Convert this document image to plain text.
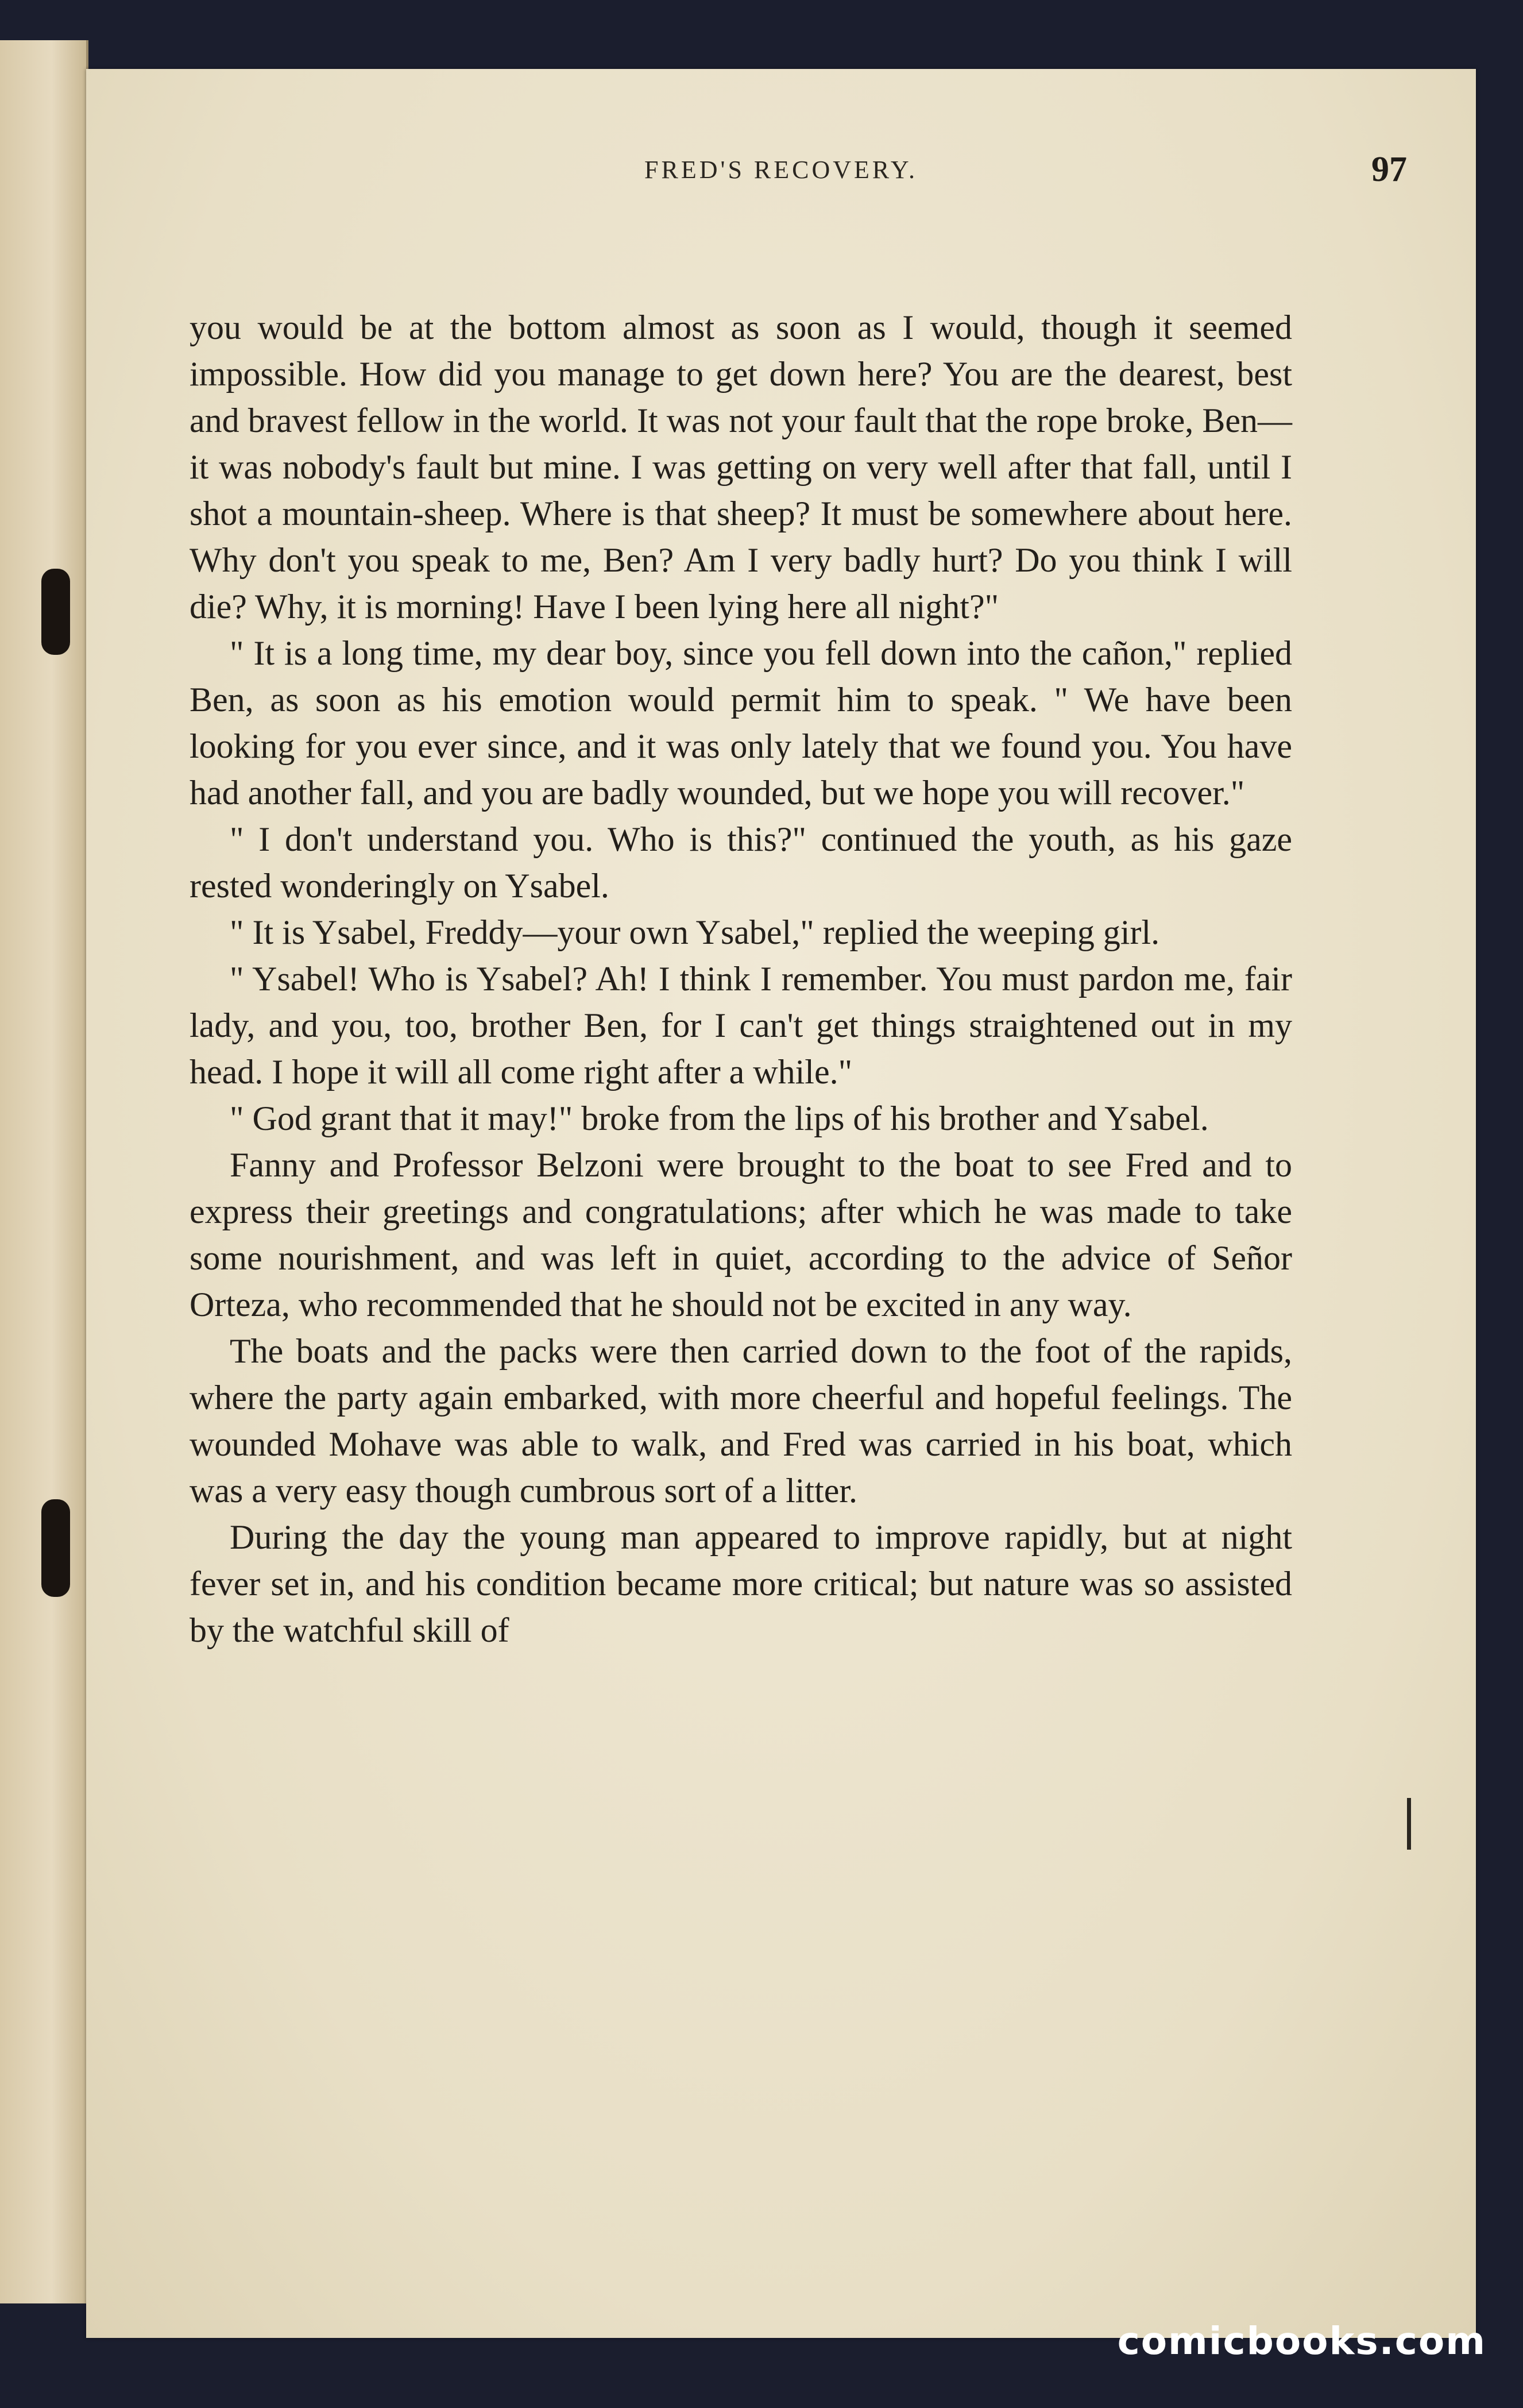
FRED'S RECOVERY.	97

you would be at the bottom almost as soon as I would, though it seemed impossible. How did you manage to get down here? You are the dearest, best and bravest fellow in the world. It was not your fault that the rope broke, Ben—it was nobody's fault but mine. I was getting on very well after that fall, until I shot a mountain-sheep. Where is that sheep? It must be somewhere about here. Why don't you speak to me, Ben? Am I very badly hurt? Do you think I will die? Why, it is morning! Have I been lying here all night?"

" It is a long time, my dear boy, since you fell down into the cañon," replied Ben, as soon as his emotion would permit him to speak. " We have been looking for you ever since, and it was only lately that we found you. You have had another fall, and you are badly wounded, but we hope you will recover."

" I don't understand you. Who is this?" continued the youth, as his gaze rested wonderingly on Ysabel.

" It is Ysabel, Freddy—your own Ysabel," replied the weeping girl.

" Ysabel! Who is Ysabel? Ah! I think I remember. You must pardon me, fair lady, and you, too, brother Ben, for I can't get things straightened out in my head. I hope it will all come right after a while."

" God grant that it may!" broke from the lips of his brother and Ysabel.

Fanny and Professor Belzoni were brought to the boat to see Fred and to express their greetings and congratulations; after which he was made to take some nourishment, and was left in quiet, according to the advice of Señor Orteza, who recommended that he should not be excited in any way.

The boats and the packs were then carried down to the foot of the rapids, where the party again embarked, with more cheerful and hopeful feelings. The wounded Mohave was able to walk, and Fred was carried in his boat, which was a very easy though cumbrous sort of a litter.

During the day the young man appeared to improve rapidly, but at night fever set in, and his condition became more critical; but nature was so assisted by the watchful skill of

comicbooks.com
